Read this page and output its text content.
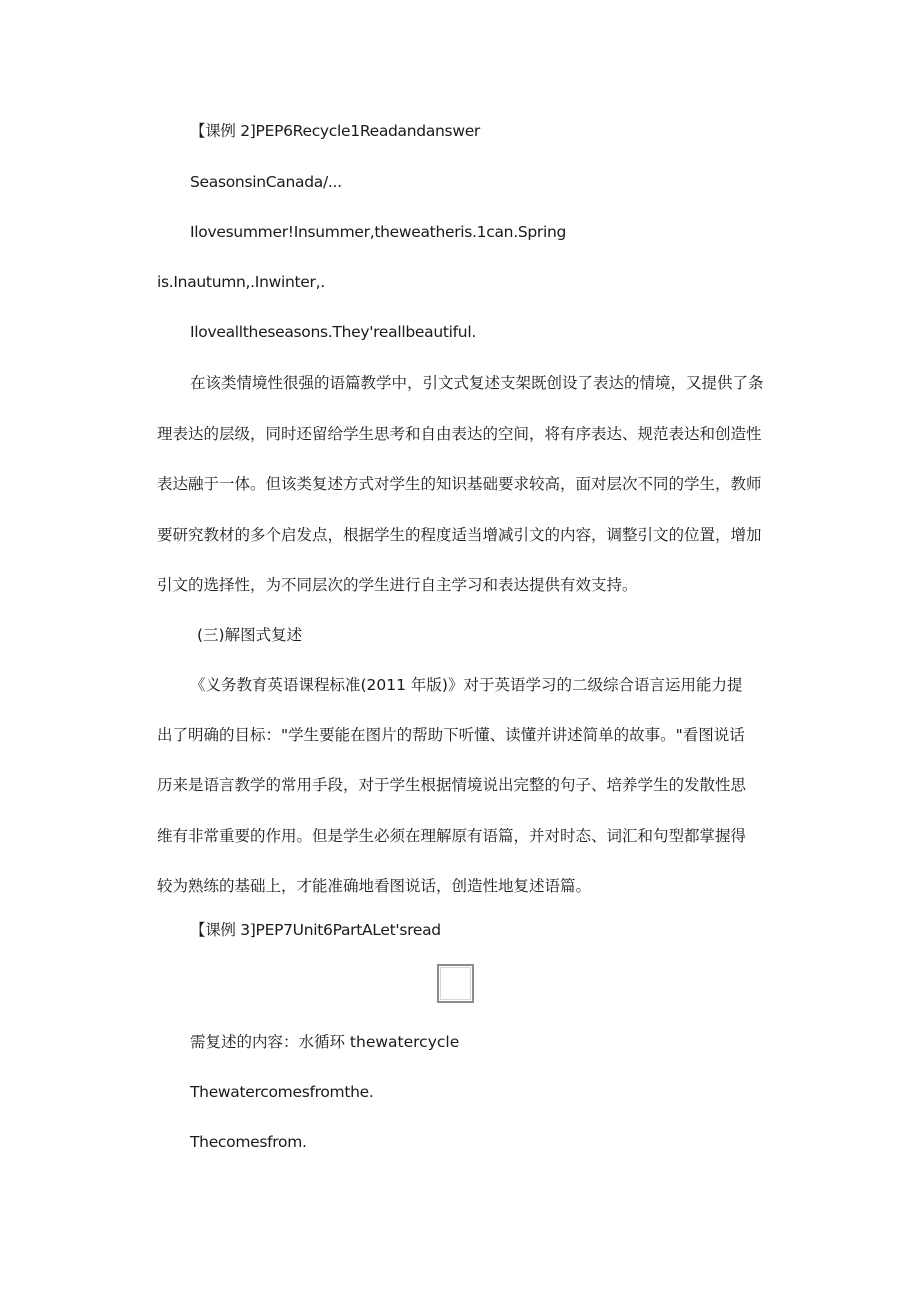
【课例 2]PEP6Recycle1Readandanswer
SeasonsinCanada/...
Ilovesummer!Insummer,theweatheris.1can.Spring
is.Inautumn,.Inwinter,.
Ilovealltheseasons.They'reallbeautiful.
在该类情境性很强的语篇教学中，引文式复述支架既创设了表达的情境，又提供了条
理表达的层级，同时还留给学生思考和自由表达的空间，将有序表达、规范表达和创造性
表达融于一体。但该类复述方式对学生的知识基础要求较高，面对层次不同的学生，教师
要研究教材的多个启发点，根据学生的程度适当增减引文的内容，调整引文的位置，增加
引文的选择性，为不同层次的学生进行自主学习和表达提供有效支持。
(三)解图式复述
《义务教育英语课程标准(2011 年版)》对于英语学习的二级综合语言运用能力提
出了明确的目标："学生要能在图片的帮助下听懂、读懂并讲述简单的故事。"看图说话
历来是语言教学的常用手段，对于学生根据情境说出完整的句子、培养学生的发散性思
维有非常重要的作用。但是学生必须在理解原有语篇，并对时态、词汇和句型都掌握得
较为熟练的基础上，才能准确地看图说话，创造性地复述语篇。
【课例 3]PEP7Unit6PartALet'sread
需复述的内容：水循环 thewatercycle
Thewatercomesfromthe.
Thecomesfrom.
